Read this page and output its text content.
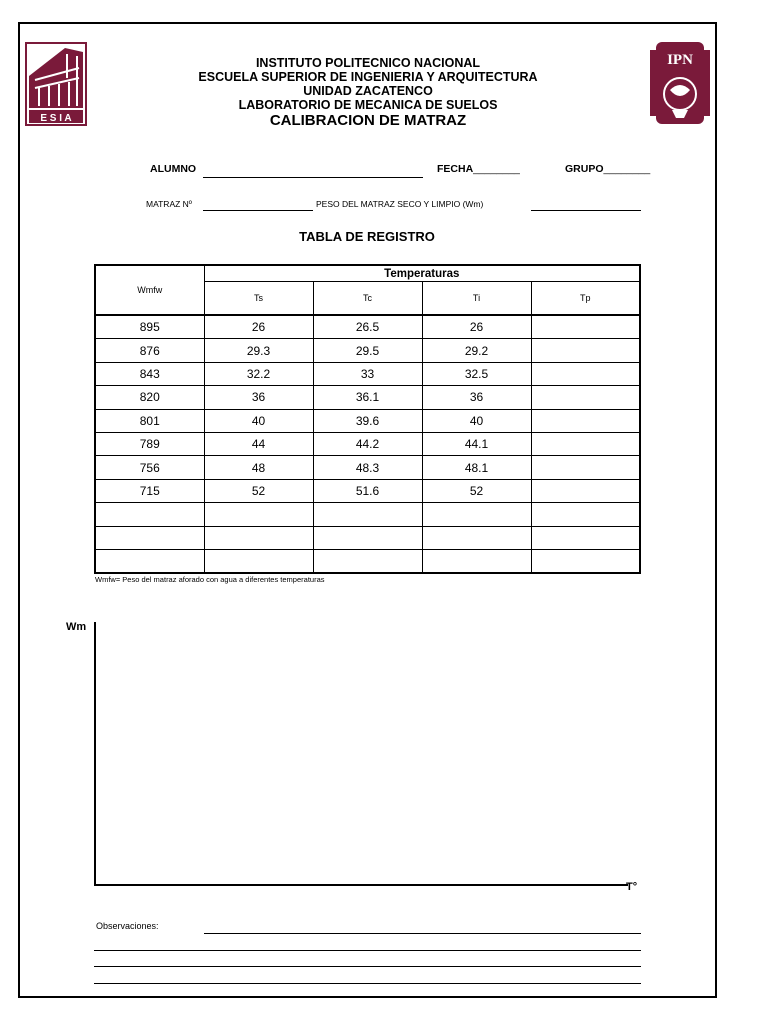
E S I A
IPN
INSTITUTO POLITECNICO NACIONAL
ESCUELA SUPERIOR DE INGENIERIA Y ARQUITECTURA
UNIDAD ZACATENCO
LABORATORIO DE MECANICA DE SUELOS
CALIBRACION DE MATRAZ
ALUMNO	FECHA________	GRUPO________
MATRAZ Nº	PESO DEL MATRAZ SECO Y LIMPIO (Wm)
TABLA DE REGISTRO
Wmfw	Temperaturas			
	Ts	Tc	Ti	Tp
895	26	26.5	26	
876	29.3	29.5	29.2	
843	32.2	33	32.5	
820	36	36.1	36	
801	40	39.6	40	
789	44	44.2	44.1	
756	48	48.3	48.1	
715	52	51.6	52	

Wmfw= Peso del matraz aforado con agua a diferentes temperaturas
Wm
T°
Observaciones:
